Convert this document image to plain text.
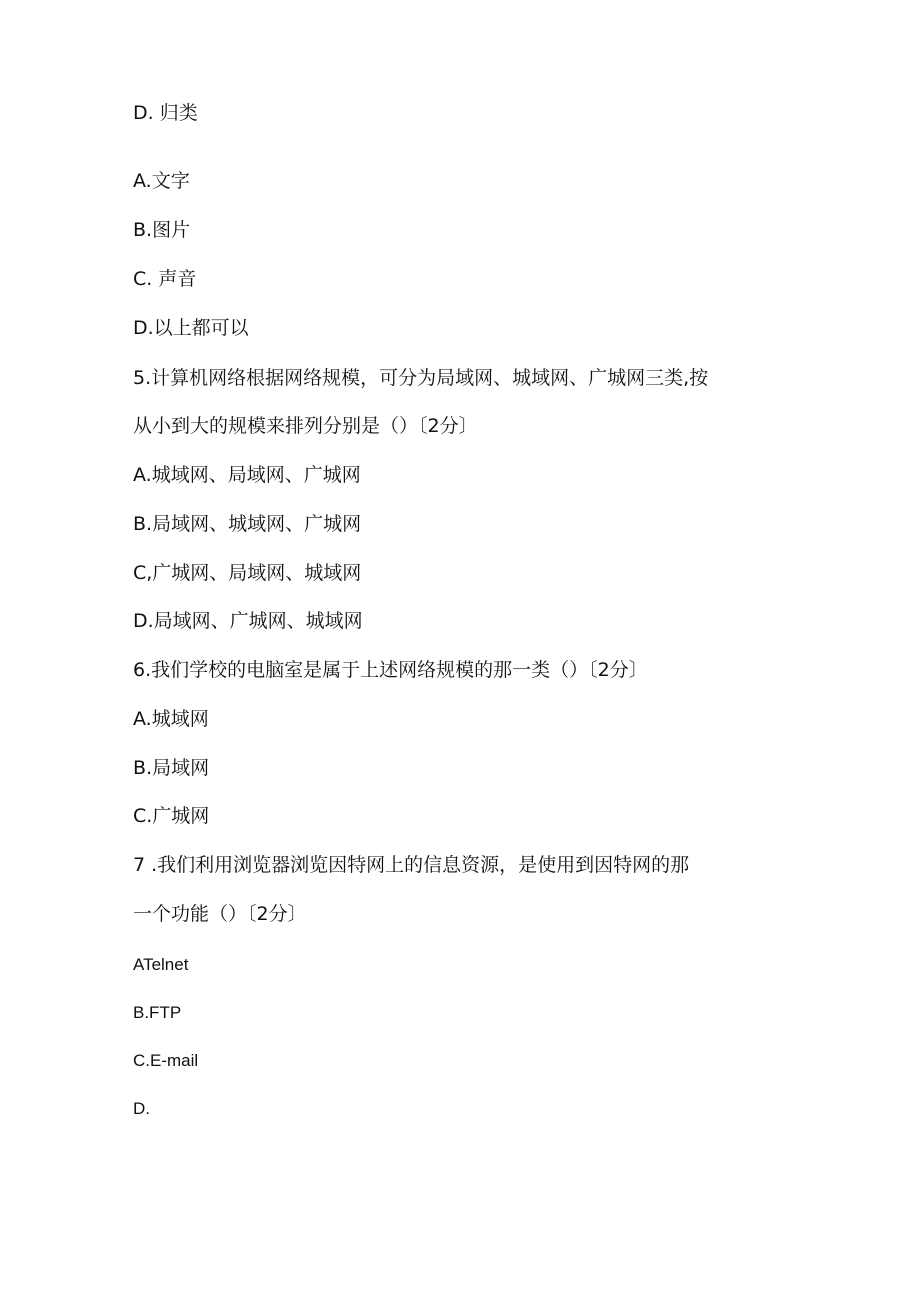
D. 归类

A.文字

B.图片

C. 声音

D.以上都可以

5.计算机网络根据网络规模，可分为局域网、城域网、广城网三类,按

从小到大的规模来排列分别是（）〔2分〕

A.城域网、局域网、广城网

B.局域网、城域网、广城网

C,广城网、局域网、城域网

D.局域网、广城网、城域网

6.我们学校的电脑室是属于上述网络规模的那一类（）〔2分〕

A.城域网

B.局域网

C.广城网

7 .我们利用浏览器浏览因特网上的信息资源，是使用到因特网的那

一个功能（）〔2分〕

ATelnet

B.FTP

C.E-mail

D.
